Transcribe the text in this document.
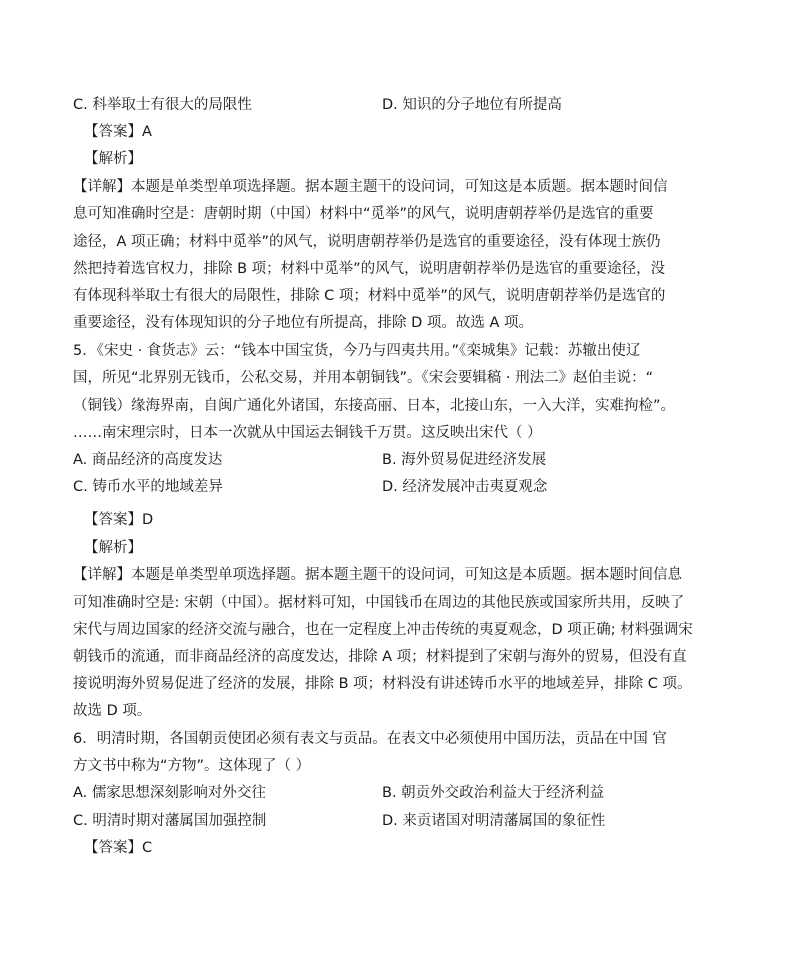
C. 科举取士有很大的局限性	D. 知识的分子地位有所提高
【答案】A
【解析】
【详解】本题是单类型单项选择题。据本题主题干的设问词，可知这是本质题。据本题时间信
息可知准确时空是：唐朝时期（中国）材料中“觅举”的风气，说明唐朝荐举仍是选官的重要
途径，A 项正确；材料中觅举”的风气，说明唐朝荐举仍是选官的重要途径，没有体现士族仍
然把持着选官权力，排除 B 项；材料中觅举”的风气，说明唐朝荐举仍是选官的重要途径，没
有体现科举取士有很大的局限性，排除 C 项；材料中觅举”的风气，说明唐朝荐举仍是选官的
重要途径，没有体现知识的分子地位有所提高，排除 D 项。故选 A 项。
5．《宋史 · 食货志》云：“钱本中国宝货，今乃与四夷共用。”《栾城集》记载：苏辙出使辽
国，所见“北界别无钱币，公私交易，并用本朝铜钱”。《宋会要辑稿 · 刑法二》赵伯圭说：“
（铜钱）缘海界南，自闽广通化外诸国，东接高丽、日本，北接山东，一入大洋，实难拘检”。
……南宋理宗时，日本一次就从中国运去铜钱千万贯。这反映出宋代（ ）
A. 商品经济的高度发达	B. 海外贸易促进经济发展
C. 铸币水平的地域差异	D. 经济发展冲击夷夏观念
【答案】D
【解析】
【详解】本题是单类型单项选择题。据本题主题干的设问词，可知这是本质题。据本题时间信息
可知准确时空是: 宋朝（中国）。据材料可知，中国钱币在周边的其他民族或国家所共用，反映了
宋代与周边国家的经济交流与融合，也在一定程度上冲击传统的夷夏观念，D 项正确; 材料强调宋
朝钱币的流通，而非商品经济的高度发达，排除 A 项；材料提到了宋朝与海外的贸易，但没有直
接说明海外贸易促进了经济的发展，排除 B 项；材料没有讲述铸币水平的地域差异，排除 C 项。
故选 D 项。
6．明清时期，各国朝贡使团必须有表文与贡品。在表文中必须使用中国历法，贡品在中国 官
方文书中称为“方物”。这体现了（ ）
A. 儒家思想深刻影响对外交往	B. 朝贡外交政治利益大于经济利益
C. 明清时期对藩属国加强控制	D. 来贡诸国对明清藩属国的象征性
【答案】C
